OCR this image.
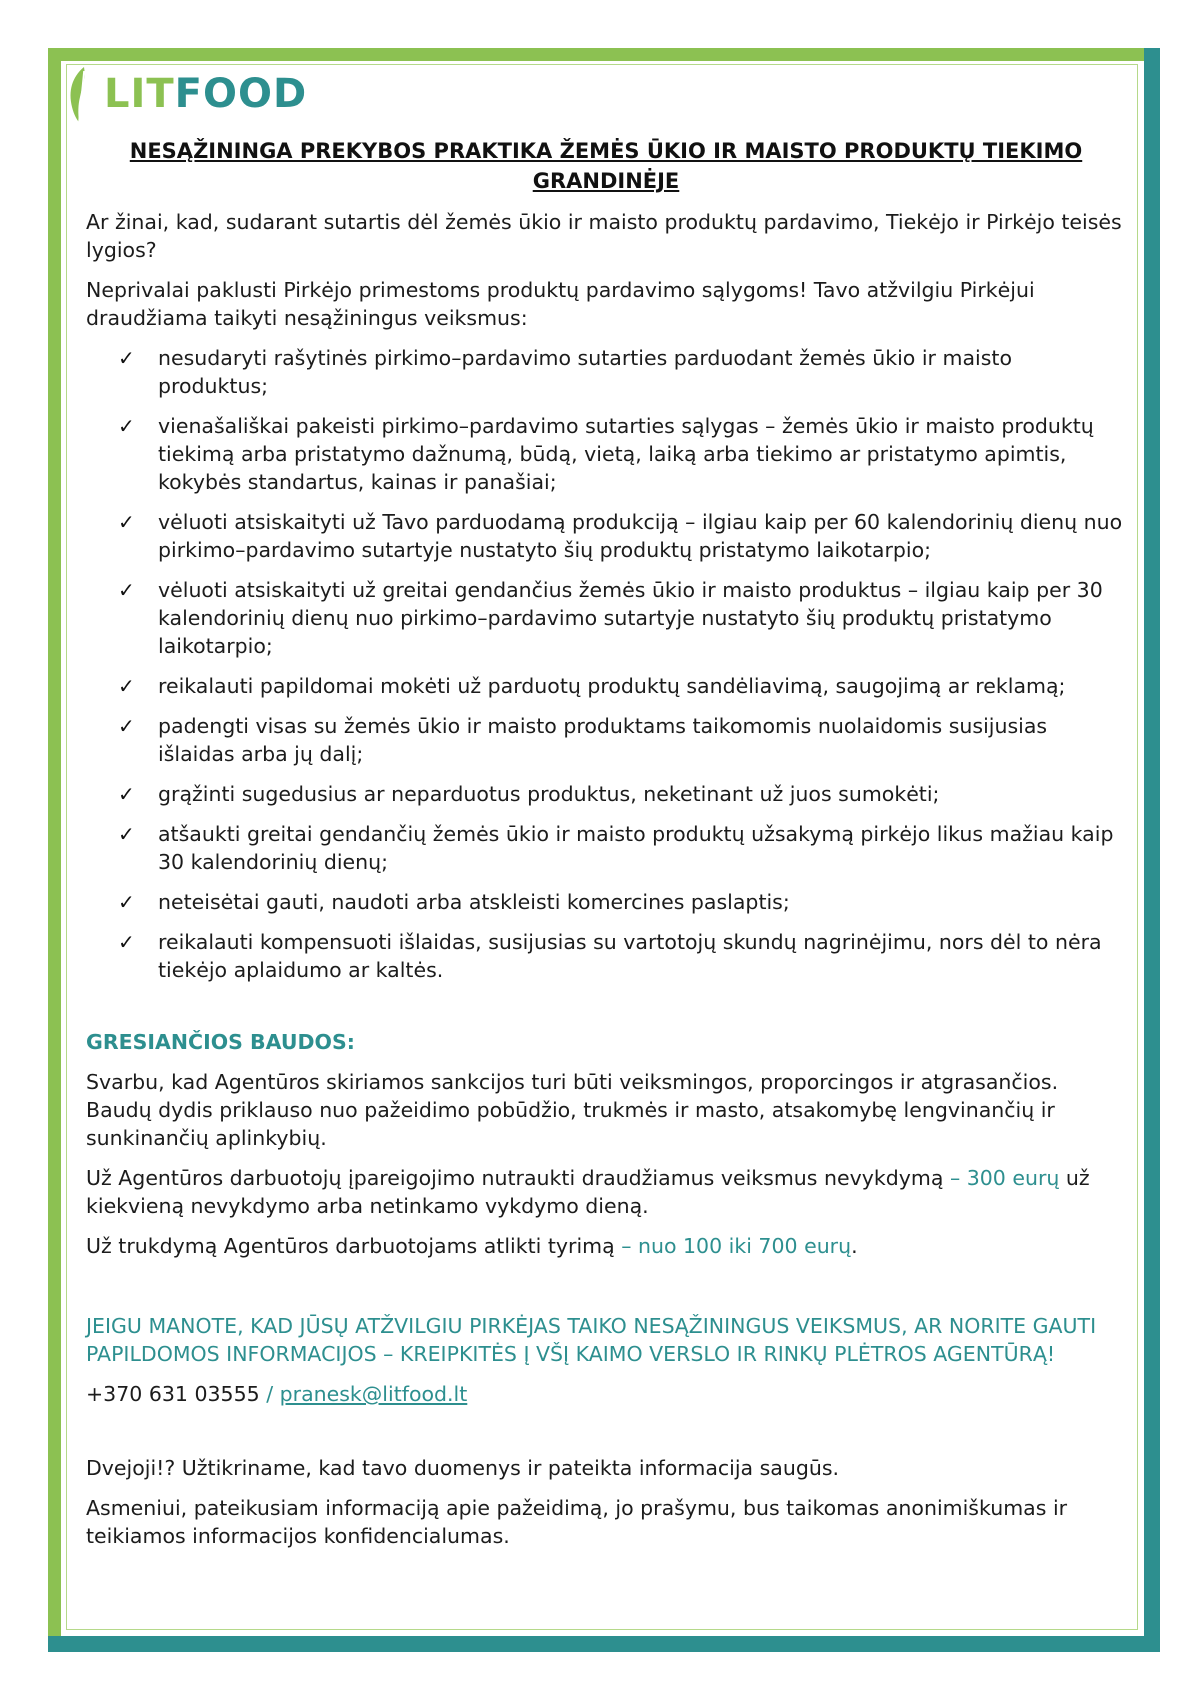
LIT FOOD
NESĄŽININGA PREKYBOS PRAKTIKA ŽEMĖS ŪKIO IR MAISTO PRODUKTŲ TIEKIMO GRANDINĖJE

Ar žinai, kad, sudarant sutartis dėl žemės ūkio ir maisto produktų pardavimo, Tiekėjo ir Pirkėjo teisės lygios?

Neprivalai paklusti Pirkėjo primestoms produktų pardavimo sąlygoms! Tavo atžvilgiu Pirkėjui draudžiama taikyti nesąžiningus veiksmus:

✓ nesudaryti rašytinės pirkimo–pardavimo sutarties parduodant žemės ūkio ir maisto produktus;
✓ vienašališkai pakeisti pirkimo–pardavimo sutarties sąlygas – žemės ūkio ir maisto produktų tiekimą arba pristatymo dažnumą, būdą, vietą, laiką arba tiekimo ar pristatymo apimtis, kokybės standartus, kainas ir panašiai;
✓ vėluoti atsiskaityti už Tavo parduodamą produkciją – ilgiau kaip per 60 kalendorinių dienų nuo pirkimo–pardavimo sutartyje nustatyto šių produktų pristatymo laikotarpio;
✓ vėluoti atsiskaityti už greitai gendančius žemės ūkio ir maisto produktus – ilgiau kaip per 30 kalendorinių dienų nuo pirkimo–pardavimo sutartyje nustatyto šių produktų pristatymo laikotarpio;
✓ reikalauti papildomai mokėti už parduotų produktų sandėliavimą, saugojimą ar reklamą;
✓ padengti visas su žemės ūkio ir maisto produktams taikomomis nuolaidomis susijusias išlaidas arba jų dalį;
✓ grąžinti sugedusius ar neparduotus produktus, neketinant už juos sumokėti;
✓ atšaukti greitai gendančių žemės ūkio ir maisto produktų užsakymą pirkėjo likus mažiau kaip 30 kalendorinių dienų;
✓ neteisėtai gauti, naudoti arba atskleisti komercines paslaptis;
✓ reikalauti kompensuoti išlaidas, susijusias su vartotojų skundų nagrinėjimu, nors dėl to nėra tiekėjo aplaidumo ar kaltės.
GRESIANČIOS BAUDOS:

Svarbu, kad Agentūros skiriamos sankcijos turi būti veiksmingos, proporcingos ir atgrasančios. Baudų dydis priklauso nuo pažeidimo pobūdžio, trukmės ir masto, atsakomybę lengvinančių ir sunkinančių aplinkybių.

Už Agentūros darbuotojų įpareigojimo nutraukti draudžiamus veiksmus nevykdymą – 300 eurų už kiekvieną nevykdymo arba netinkamo vykdymo dieną.

Už trukdymą Agentūros darbuotojams atlikti tyrimą – nuo 100 iki 700 eurų.

JEIGU MANOTE, KAD JŪSŲ ATŽVILGIU PIRKĖJAS TAIKO NESĄŽININGUS VEIKSMUS, AR NORITE GAUTI PAPILDOMOS INFORMACIJOS – KREIPKITĖS Į VŠĮ KAIMO VERSLO IR RINKŲ PLĖTROS AGENTŪRĄ!
+370 631 03555 / pranesk@litfood.lt

Dvejoji!? Užtikriname, kad tavo duomenys ir pateikta informacija saugūs.

Asmeniui, pateikusiam informaciją apie pažeidimą, jo prašymu, bus taikomas anonimiškumas ir teikiamos informacijos konfidencialumas.
